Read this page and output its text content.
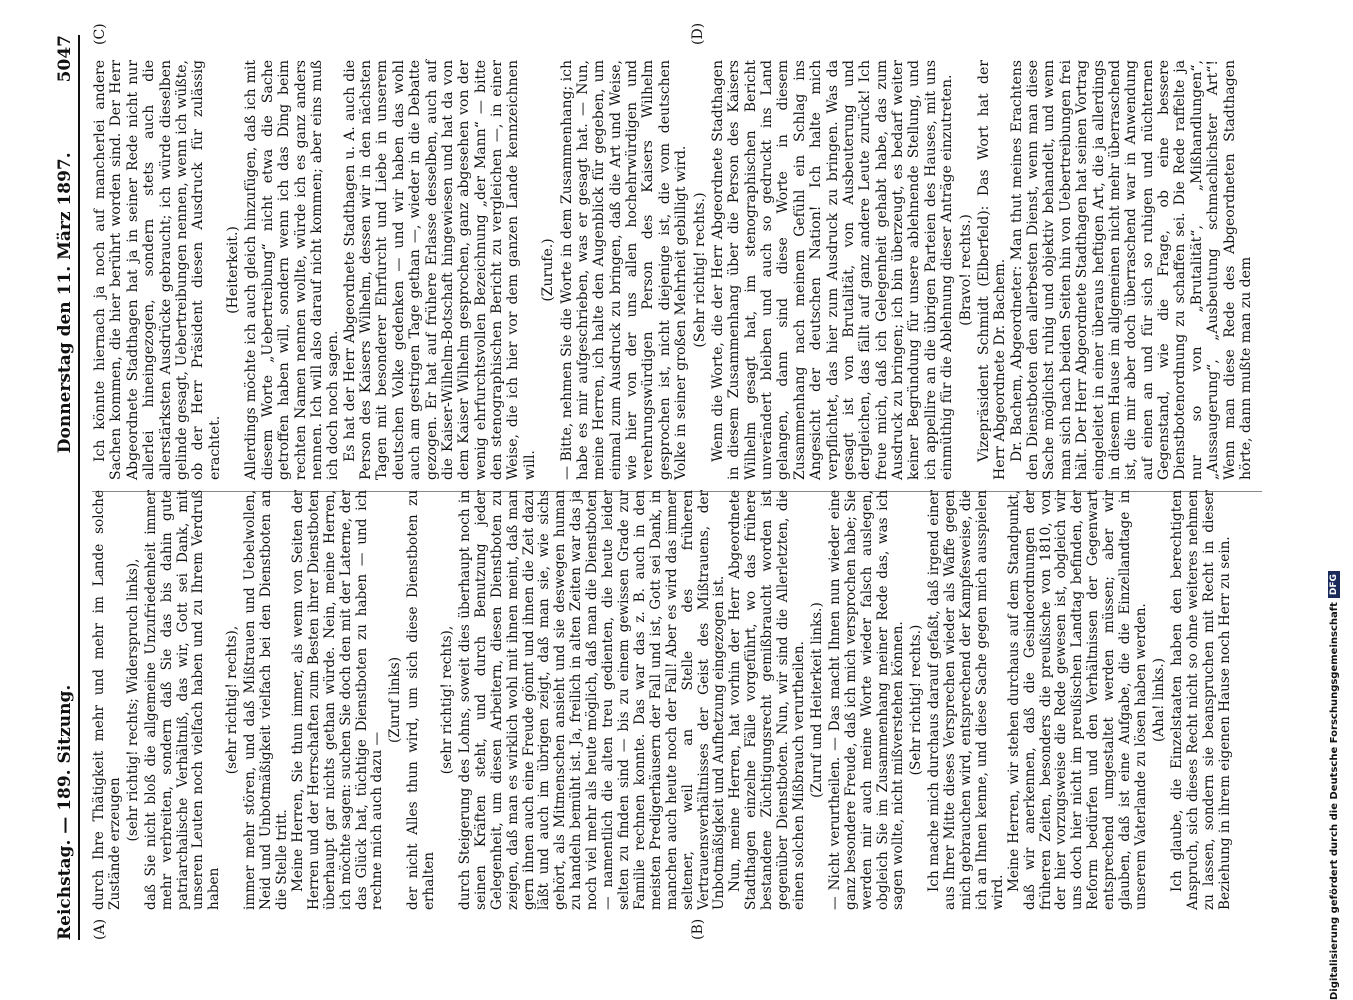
Reichstag. — 189. Sitzung.
Donnerstag den 11. März 1897.
5047
(A)	(B)
(C)	(D)

durch Ihre Thätigkeit mehr und mehr im Lande solche Zustände erzeugen

(sehr richtig! rechts; Widerspruch links), daß Sie nicht bloß die allgemeine Unzufriedenheit immer mehr verbreiten, sondern daß Sie das bis dahin gute patriarchalische Verhältniß, das wir, Gott sei Dank, mit unseren Leuten noch vielfach haben und zu Ihrem Verdruß haben

(sehr richtig! rechts), immer mehr stören, und daß Mißtrauen und Uebelwollen, Neid und Unbotmäßigkeit vielfach bei den Dienstboten an die Stelle tritt. Meine Herren, Sie thun immer, als wenn von Seiten der Herren und der Herrschaften zum Besten ihrer Dienstboten überhaupt gar nichts gethan würde. Nein, meine Herren, ich möchte sagen: suchen Sie doch den mit der Laterne, der das Glück hat, tüchtige Dienstboten zu haben — und ich rechne mich auch dazu —

(Zuruf links) der nicht Alles thun wird, um sich diese Dienstboten zu erhalten

(sehr richtig! rechts), durch Steigerung des Lohns, soweit dies überhaupt noch in seinen Kräften steht, und durch Benutzung jeder Gelegenheit, um diesen Arbeitern, diesen Dienstboten zu zeigen, daß man es wirklich wohl mit ihnen meint, daß man gern ihnen auch eine Freude gönnt und ihnen die Zeit dazu läßt und auch im übrigen zeigt, daß man sie, wie sichs gehört, als Mitmenschen ansieht und sie deswegen human zu handeln bemüht ist. Ja, freilich in alten Zeiten war das ja noch viel mehr als heute möglich, daß man die Dienstboten — namentlich die alten treu gedienten, die heute leider selten zu finden sind — bis zu einem gewissen Grade zur Familie rechnen konnte. Das war das z. B. auch in den meisten Predigerhäusern der Fall und ist, Gott sei Dank, in manchen auch heute noch der Fall! Aber es wird das immer seltener, weil an Stelle des früheren Vertrauensverhältnisses der Geist des Mißtrauens, der Unbotmäßigkeit und Aufhetzung eingezogen ist. Nun, meine Herren, hat vorhin der Herr Abgeordnete Stadthagen einzelne Fälle vorgeführt, wo das frühere bestandene Züchtigungsrecht gemißbraucht worden ist gegenüber Dienstboten. Nun, wir sind die Allerletzten, die einen solchen Mißbrauch verurtheilen. (Zuruf und Heiterkeit links.) — Nicht verurtheilen. — Das macht Ihnen nun wieder eine ganz besondere Freude, daß ich mich versprochen habe; Sie werden mir auch meine Worte wieder falsch auslegen, obgleich Sie im Zusammenhang meiner Rede das, was ich sagen wollte, nicht mißverstehen können. (Sehr richtig! rechts.) Ich mache mich durchaus darauf gefaßt, daß irgend einer aus Ihrer Mitte dieses Versprechen wieder als Waffe gegen mich gebrauchen wird, entsprechend der Kampfesweise, die ich an Ihnen kenne, und diese Sache gegen mich ausspielen wird.

Meine Herren, wir stehen durchaus auf dem Standpunkt, daß wir anerkennen, daß die Gesindeordnungen der früheren Zeiten, besonders die preußische von 1810, von der hier vorzugsweise die Rede gewesen ist, obgleich wir uns doch hier nicht im preußischen Landtag befinden, der Reform bedürfen und den Verhältnissen der Gegenwart entsprechend umgestaltet werden müssen; aber wir glauben, daß ist eine Aufgabe, die die Einzellandtage in unserem Vaterlande zu lösen haben werden. (Aha! links.) Ich glaube, die Einzelstaaten haben den berechtigten Anspruch, sich dieses Recht nicht so ohne weiteres nehmen zu lassen, sondern sie beanspruchen mit Recht in dieser Beziehung in ihrem eigenen Hause noch Herr zu sein.

Ich könnte hiernach ja noch auf mancherlei andere Sachen kommen, die hier berührt worden sind. Der Herr Abgeordnete Stadthagen hat ja in seiner Rede nicht nur allerlei hineingezogen, sondern stets auch die allerstärksten Ausdrücke gebraucht; ich würde dieselben gelinde gesagt, Uebertreibungen nennen, wenn ich wüßte, ob der Herr Präsident diesen Ausdruck für zulässig erachtet.

(Heiterkeit.) Allerdings möchte ich auch gleich hinzufügen, daß ich mit diesem Worte „Uebertreibung“ nicht etwa die Sache getroffen haben will, sondern wenn ich das Ding beim rechten Namen nennen wollte, würde ich es ganz anders nennen. Ich will also darauf nicht kommen; aber eins muß ich doch noch sagen. Es hat der Herr Abgeordnete Stadthagen u. A. auch die Person des Kaisers Wilhelm, dessen wir in den nächsten Tagen mit besonderer Ehrfurcht und Liebe in unserem deutschen Volke gedenken — und wir haben das wohl auch am gestrigen Tage gethan —, wieder in die Debatte gezogen. Er hat auf frühere Erlasse desselben, auch auf die Kaiser-Wilhelm-Botschaft hingewiesen und hat da von dem Kaiser Wilhelm gesprochen, ganz abgesehen von der wenig ehrfurchtsvollen Bezeichnung „der Mann“ — bitte den stenographischen Bericht zu vergleichen —, in einer Weise, die ich hier vor dem ganzen Lande kennzeichnen will.

(Zurufe.) — Bitte, nehmen Sie die Worte in dem Zusammenhang; ich habe es mir aufgeschrieben, was er gesagt hat. — Nun, meine Herren, ich halte den Augenblick für gegeben, um einmal zum Ausdruck zu bringen, daß die Art und Weise, wie hier von der uns allen hochehrwürdigen und verehrungswürdigen Person des Kaisers Wilhelm gesprochen ist, nicht diejenige ist, die vom deutschen Volke in seiner großen Mehrheit gebilligt wird. (Sehr richtig! rechts.) Wenn die Worte, die der Herr Abgeordnete Stadthagen in diesem Zusammenhang über die Person des Kaisers Wilhelm gesagt hat, im stenographischen Bericht unverändert bleiben und auch so gedruckt ins Land gelangen, dann sind diese Worte in diesem Zusammenhang nach meinem Gefühl ein Schlag ins Angesicht der deutschen Nation! Ich halte mich verpflichtet, das hier zum Ausdruck zu bringen. Was da gesagt ist von Brutalität, von Ausbeuterung und dergleichen, das fällt auf ganz andere Leute zurück! Ich freue mich, daß ich Gelegenheit gehabt habe, das zum Ausdruck zu bringen; ich bin überzeugt, es bedarf weiter keiner Begründung für unsere ablehnende Stellung, und ich appellire an die übrigen Parteien des Hauses, mit uns einmüthig für die Ablehnung dieser Anträge einzutreten. (Bravo! rechts.) Vizepräsident Schmidt (Elberfeld): Das Wort hat der Herr Abgeordnete Dr. Bachem. Dr. Bachem, Abgeordneter: Man thut meines Erachtens den Dienstboten den allerbesten Dienst, wenn man diese Sache möglichst ruhig und objektiv behandelt, und wenn man sich nach beiden Seiten hin von Uebertreibungen frei hält. Der Herr Abgeordnete Stadthagen hat seinen Vortrag eingeleitet in einer überaus heftigen Art, die ja allerdings in diesem Hause im allgemeinen nicht mehr überraschend ist, die mir aber doch überraschend war in Anwendung auf einen an und für sich so ruhigen und nüchternen Gegenstand, wie die Frage, ob eine bessere Dienstbotenordnung zu schaffen sei. Die Rede raffelte ja nur so von „Brutalität“, „Mißhandlungen“, „Aussaugerung“, „Ausbeutung schmachlichster Art“! Wenn man diese Rede des Abgeordneten Stadthagen hörte, dann mußte man zu dem

Digitalisierung gefördert durch die Deutsche Forschungsgemeinschaft
DFG
